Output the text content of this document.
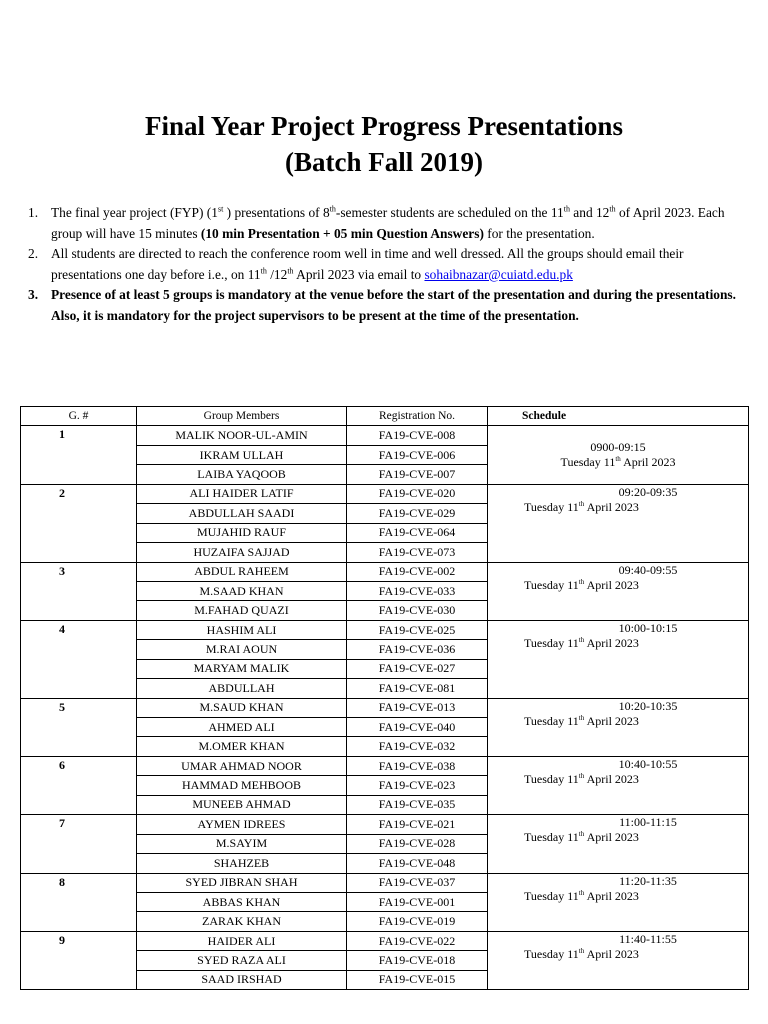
Final Year Project Progress Presentations
(Batch Fall 2019)
1. The final year project (FYP) (1st ) presentations of 8th-semester students are scheduled on the 11th and 12th of April 2023. Each group will have 15 minutes (10 min Presentation + 05 min Question Answers) for the presentation.
2. All students are directed to reach the conference room well in time and well dressed. All the groups should email their presentations one day before i.e., on 11th /12th April 2023 via email to sohaibnazar@cuiatd.edu.pk
3. Presence of at least 5 groups is mandatory at the venue before the start of the presentation and during the presentations. Also, it is mandatory for the project supervisors to be present at the time of the presentation.
G. #	Group Members	Registration No.	Schedule
1	MALIK NOOR-UL-AMIN	FA19-CVE-008	0900-09:15
Tuesday 11th April 2023

	IKRAM ULLAH	FA19-CVE-006	
	LAIBA YAQOOB	FA19-CVE-007	
2	ALI HAIDER LATIF	FA19-CVE-020	09:20-09:35
Tuesday 11th April 2023

	ABDULLAH SAADI	FA19-CVE-029	
	MUJAHID RAUF	FA19-CVE-064	
	HUZAIFA SAJJAD	FA19-CVE-073	
3	ABDUL RAHEEM	FA19-CVE-002	09:40-09:55
Tuesday 11th April 2023

	M.SAAD KHAN	FA19-CVE-033	
	M.FAHAD QUAZI	FA19-CVE-030	
4	HASHIM ALI	FA19-CVE-025	10:00-10:15
Tuesday 11th April 2023

	M.RAI AOUN	FA19-CVE-036	
	MARYAM MALIK	FA19-CVE-027	
	ABDULLAH	FA19-CVE-081	
5	M.SAUD KHAN	FA19-CVE-013	10:20-10:35
Tuesday 11th April 2023

	AHMED ALI	FA19-CVE-040	
	M.OMER KHAN	FA19-CVE-032	
6	UMAR AHMAD NOOR	FA19-CVE-038	10:40-10:55
Tuesday 11th April 2023

	HAMMAD MEHBOOB	FA19-CVE-023	
	MUNEEB AHMAD	FA19-CVE-035	
7	AYMEN IDREES	FA19-CVE-021	11:00-11:15
Tuesday 11th April 2023

	M.SAYIM	FA19-CVE-028	
	SHAHZEB	FA19-CVE-048	
8	SYED JIBRAN SHAH	FA19-CVE-037	11:20-11:35
Tuesday 11th April 2023

	ABBAS KHAN	FA19-CVE-001	
	ZARAK KHAN	FA19-CVE-019	
9	HAIDER ALI	FA19-CVE-022	11:40-11:55
Tuesday 11th April 2023

	SYED RAZA ALI	FA19-CVE-018	
	SAAD IRSHAD	FA19-CVE-015	
